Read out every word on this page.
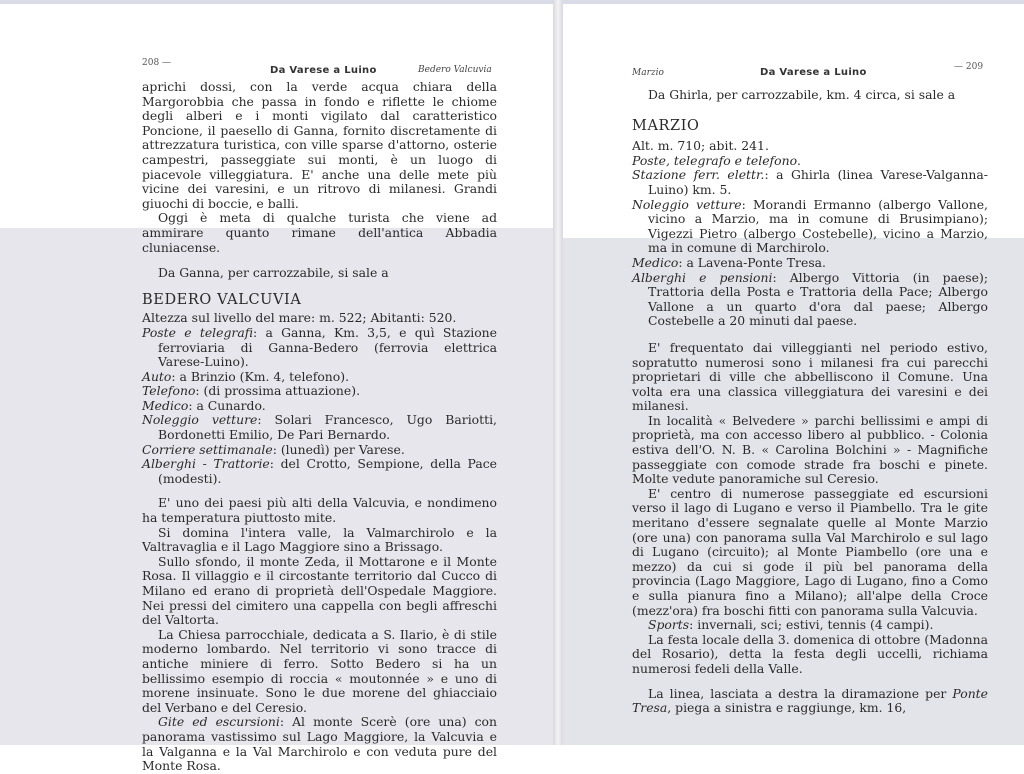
208 —
Da Varese a Luino	Bedero Valcuvia

aprichi dossi, con la verde acqua chiara della Margorobbia che passa in fondo e riflette le chiome degli alberi e i monti vigilato dal caratteristico Poncione, il paesello di Ganna, fornito discretamente di attrezzatura turistica, con ville sparse d'attorno, osterie campestri, passeggiate sui monti, è un luogo di piacevole villeggiatura. E' anche una delle mete più vicine dei varesini, e un ritrovo di milanesi. Grandi giuochi di boccie, e balli.

Oggi è meta di qualche turista che viene ad ammirare quanto rimane dell'antica Abbadia cluniacense.

Da Ganna, per carrozzabile, si sale a

BEDERO VALCUVIA

Altezza sul livello del mare: m. 522; Abitanti: 520.

Poste e telegrafi: a Ganna, Km. 3,5, e quì Stazione ferroviaria di Ganna-Bedero (ferrovia elettrica Varese-Luino).

Auto: a Brinzio (Km. 4, telefono).

Telefono: (di prossima attuazione).

Medico: a Cunardo.

Noleggio vetture: Solari Francesco, Ugo Bariotti, Bordonetti Emilio, De Pari Bernardo.

Corriere settimanale: (lunedì) per Varese.

Alberghi - Trattorie: del Crotto, Sempione, della Pace (modesti).

E' uno dei paesi più alti della Valcuvia, e nondimeno ha temperatura piuttosto mite.

Si domina l'intera valle, la Valmarchirolo e la Valtravaglia e il Lago Maggiore sino a Brissago.

Sullo sfondo, il monte Zeda, il Mottarone e il Monte Rosa. Il villaggio e il circostante territorio dal Cucco di Milano ed erano di proprietà dell'Ospedale Maggiore. Nei pressi del cimitero una cappella con begli affreschi del Valtorta.

La Chiesa parrocchiale, dedicata a S. Ilario, è di stile moderno lombardo. Nel territorio vi sono tracce di antiche miniere di ferro. Sotto Bedero si ha un bellissimo esempio di roccia « moutonnée » e uno di morene insinuate. Sono le due morene del ghiacciaio del Verbano e del Ceresio.

Gite ed escursioni: Al monte Scerè (ore una) con panorama vastissimo sul Lago Maggiore, la Valcuvia e la Valganna e la Val Marchirolo e con veduta pure del Monte Rosa.

Marzio	Da Varese a Luino	— 209

Da Ghirla, per carrozzabile, km. 4 circa, si sale a

MARZIO

Alt. m. 710; abit. 241.

Poste, telegrafo e telefono.

Stazione ferr. elettr.: a Ghirla (linea Varese-Valganna-Luino) km. 5.

Noleggio vetture: Morandi Ermanno (albergo Vallone, vicino a Marzio, ma in comune di Brusimpiano); Vigezzi Pietro (albergo Costebelle), vicino a Marzio, ma in comune di Marchirolo.

Medico: a Lavena-Ponte Tresa.

Alberghi e pensioni: Albergo Vittoria (in paese); Trattoria della Posta e Trattoria della Pace; Albergo Vallone a un quarto d'ora dal paese; Albergo Costebelle a 20 minuti dal paese.

E' frequentato dai villeggianti nel periodo estivo, sopratutto numerosi sono i milanesi fra cui parecchi proprietari di ville che abbelliscono il Comune. Una volta era una classica villeggiatura dei varesini e dei milanesi.

In località « Belvedere » parchi bellissimi e ampi di proprietà, ma con accesso libero al pubblico. - Colonia estiva dell'O. N. B. « Carolina Bolchini » - Magnifiche passeggiate con comode strade fra boschi e pinete. Molte vedute panoramiche sul Ceresio.

E' centro di numerose passeggiate ed escursioni verso il lago di Lugano e verso il Piambello. Tra le gite meritano d'essere segnalate quelle al Monte Marzio (ore una) con panorama sulla Val Marchirolo e sul lago di Lugano (circuito); al Monte Piambello (ore una e mezzo) da cui si gode il più bel panorama della provincia (Lago Maggiore, Lago di Lugano, fino a Como e sulla pianura fino a Milano); all'alpe della Croce (mezz'ora) fra boschi fitti con panorama sulla Valcuvia.

Sports: invernali, sci; estivi, tennis (4 campi).

La festa locale della 3. domenica di ottobre (Madonna del Rosario), detta la festa degli uccelli, richiama numerosi fedeli della Valle.

La linea, lasciata a destra la diramazione per Ponte Tresa, piega a sinistra e raggiunge, km. 16,
